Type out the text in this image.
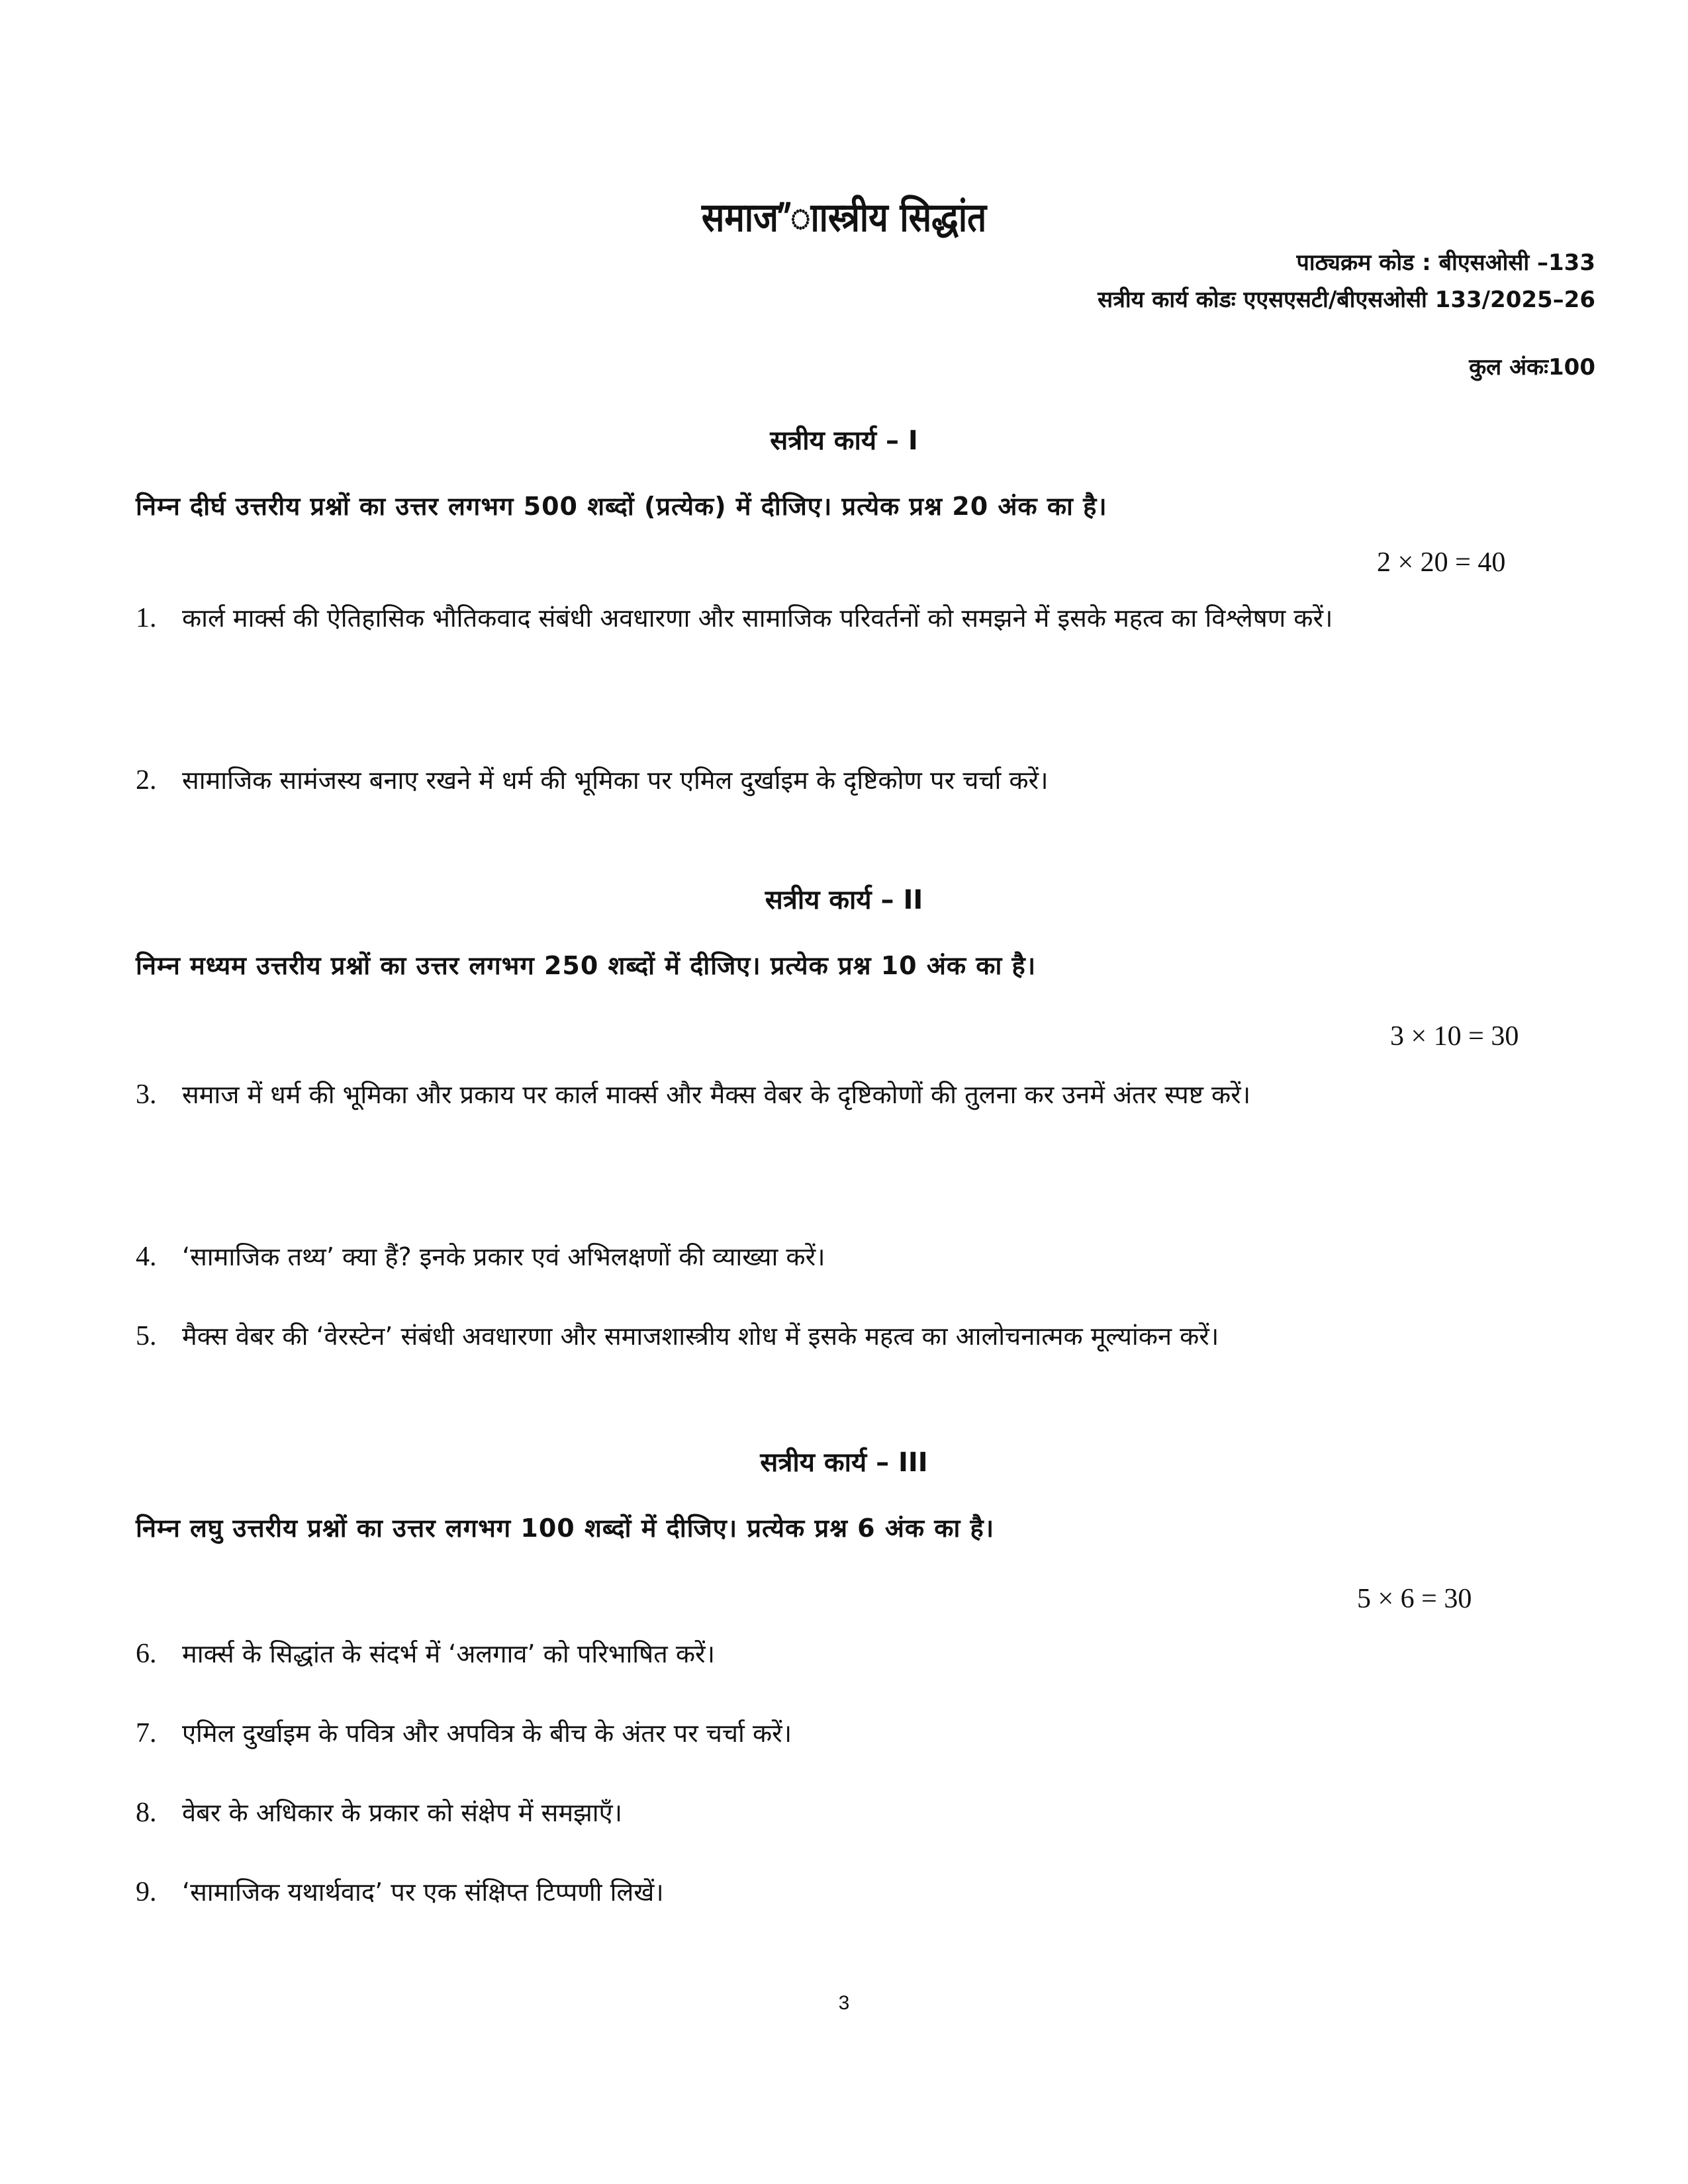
समाज”ाास्त्रीय सिद्धांत
पाठ्यक्रम कोड : बीएसओसी –133
सत्रीय कार्य कोडः एएसएसटी/बीएसओसी 133/2025–26
कुल अंकः100
सत्रीय कार्य – I
निम्न दीर्घ उत्तरीय प्रश्नों का उत्तर लगभग 500 शब्दों (प्रत्येक) में दीजिए। प्रत्येक प्रश्न 20 अंक का है।
2 × 20 = 40
1. कार्ल मार्क्स की ऐतिहासिक भौतिकवाद संबंधी अवधारणा और सामाजिक परिवर्तनों को समझने में इसके महत्व का विश्लेषण करें।
2. सामाजिक सामंजस्य बनाए रखने में धर्म की भूमिका पर एमिल दुर्खाइम के दृष्टिकोण पर चर्चा करें।
सत्रीय कार्य – II
निम्न मध्यम उत्तरीय प्रश्नों का उत्तर लगभग 250 शब्दों में दीजिए। प्रत्येक प्रश्न 10 अंक का है।
3 × 10 = 30
3. समाज में धर्म की भूमिका और प्रकाय पर कार्ल मार्क्स और मैक्स वेबर के दृष्टिकोणों की तुलना कर उनमें अंतर स्पष्ट करें।
4. ‘सामाजिक तथ्य’ क्या हैं? इनके प्रकार एवं अभिलक्षणों की व्याख्या करें।
5. मैक्स वेबर की ‘वेरस्टेन’ संबंधी अवधारणा और समाजशास्त्रीय शोध में इसके महत्व का आलोचनात्मक मूल्यांकन करें।
सत्रीय कार्य – III
निम्न लघु उत्तरीय प्रश्नों का उत्तर लगभग 100 शब्दों में दीजिए। प्रत्येक प्रश्न 6 अंक का है।
5 × 6 = 30
6. मार्क्स के सिद्धांत के संदर्भ में ‘अलगाव’ को परिभाषित करें।
7. एमिल दुर्खाइम के पवित्र और अपवित्र के बीच के अंतर पर चर्चा करें।
8. वेबर के अधिकार के प्रकार को संक्षेप में समझाएँ।
9. ‘सामाजिक यथार्थवाद’ पर एक संक्षिप्त टिप्पणी लिखें।
3
